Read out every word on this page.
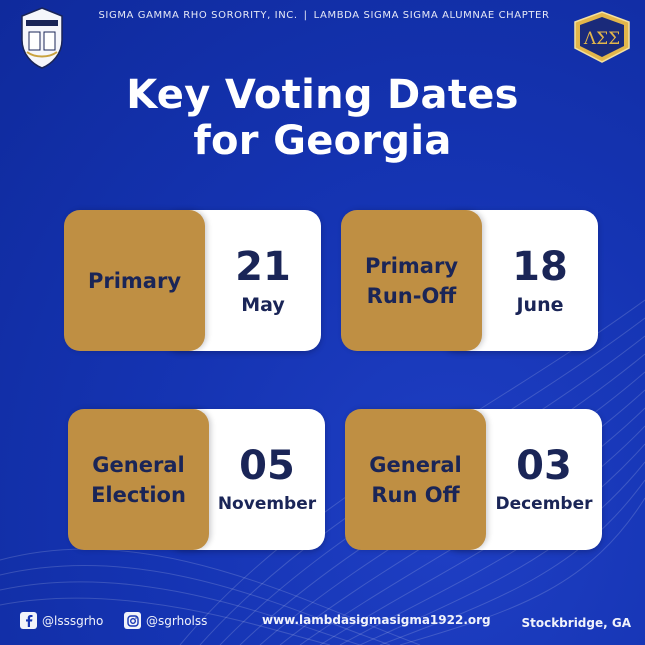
SIGMA GAMMA RHO SORORITY, INC. | LAMBDA SIGMA SIGMA ALUMNAE CHAPTER
ΛΣΣ
Key Voting Dates
for Georgia
Primary	21
May
Primary
Run-Off
18
June
General
Election
05
November
General
Run Off
03
December
@lsssgrho	@sgrholss	www.lambdasigmasigma1922.org	Stockbridge, GA
